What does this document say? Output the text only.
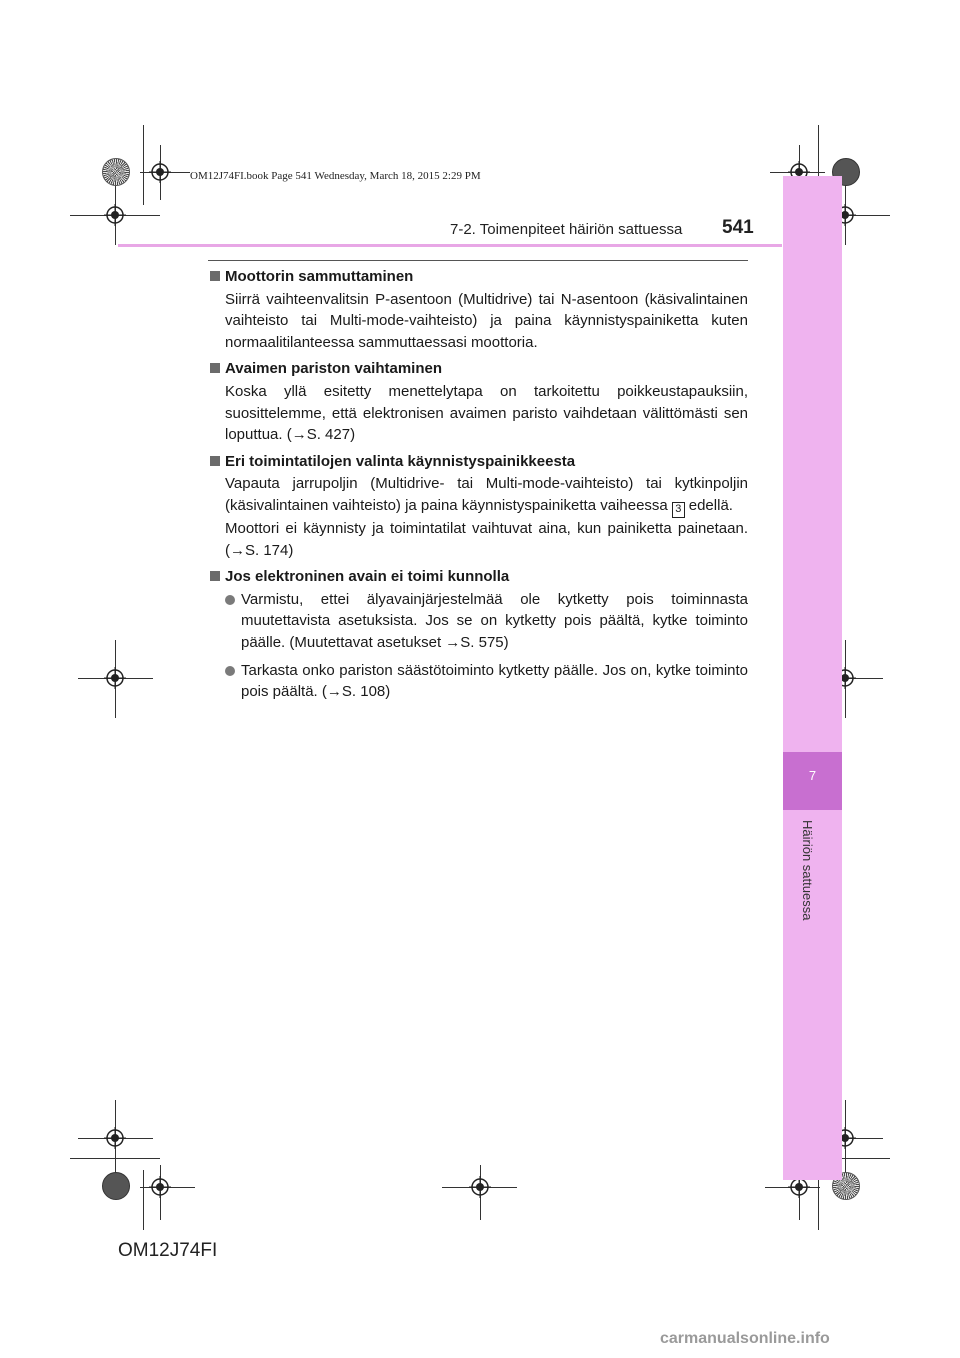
OM12J74FI.book Page 541 Wednesday, March 18, 2015 2:29 PM
7
Häiriön sattuessa
7-2. Toimenpiteet häiriön sattuessa 541
Moottorin sammuttaminen
Siirrä vaihteenvalitsin P-asentoon (Multidrive) tai N-asentoon (käsivalintainen vaihteisto tai Multi-mode-vaihteisto) ja paina käynnistyspainiketta kuten normaalitilanteessa sammuttaessasi moottoria.
Avaimen pariston vaihtaminen
Koska yllä esitetty menettelytapa on tarkoitettu poikkeustapauksiin, suosittelemme, että elektronisen avaimen paristo vaihdetaan välittömästi sen loputtua. (→S. 427)
Eri toimintatilojen valinta käynnistyspainikkeesta
Vapauta jarrupoljin (Multidrive- tai Multi-mode-vaihteisto) tai kytkinpoljin (käsivalintainen vaihteisto) ja paina käynnistyspainiketta vaiheessa 3 edellä.
Moottori ei käynnisty ja toimintatilat vaihtuvat aina, kun painiketta painetaan. (→S. 174)
Jos elektroninen avain ei toimi kunnolla
Varmistu, ettei älyavainjärjestelmää ole kytketty pois toiminnasta muutettavista asetuksista. Jos se on kytketty pois päältä, kytke toiminto päälle. (Muutettavat asetukset →S. 575)
Tarkasta onko pariston säästötoiminto kytketty päälle. Jos on, kytke toiminto pois päältä. (→S. 108)
OM12J74FI
carmanualsonline.info
